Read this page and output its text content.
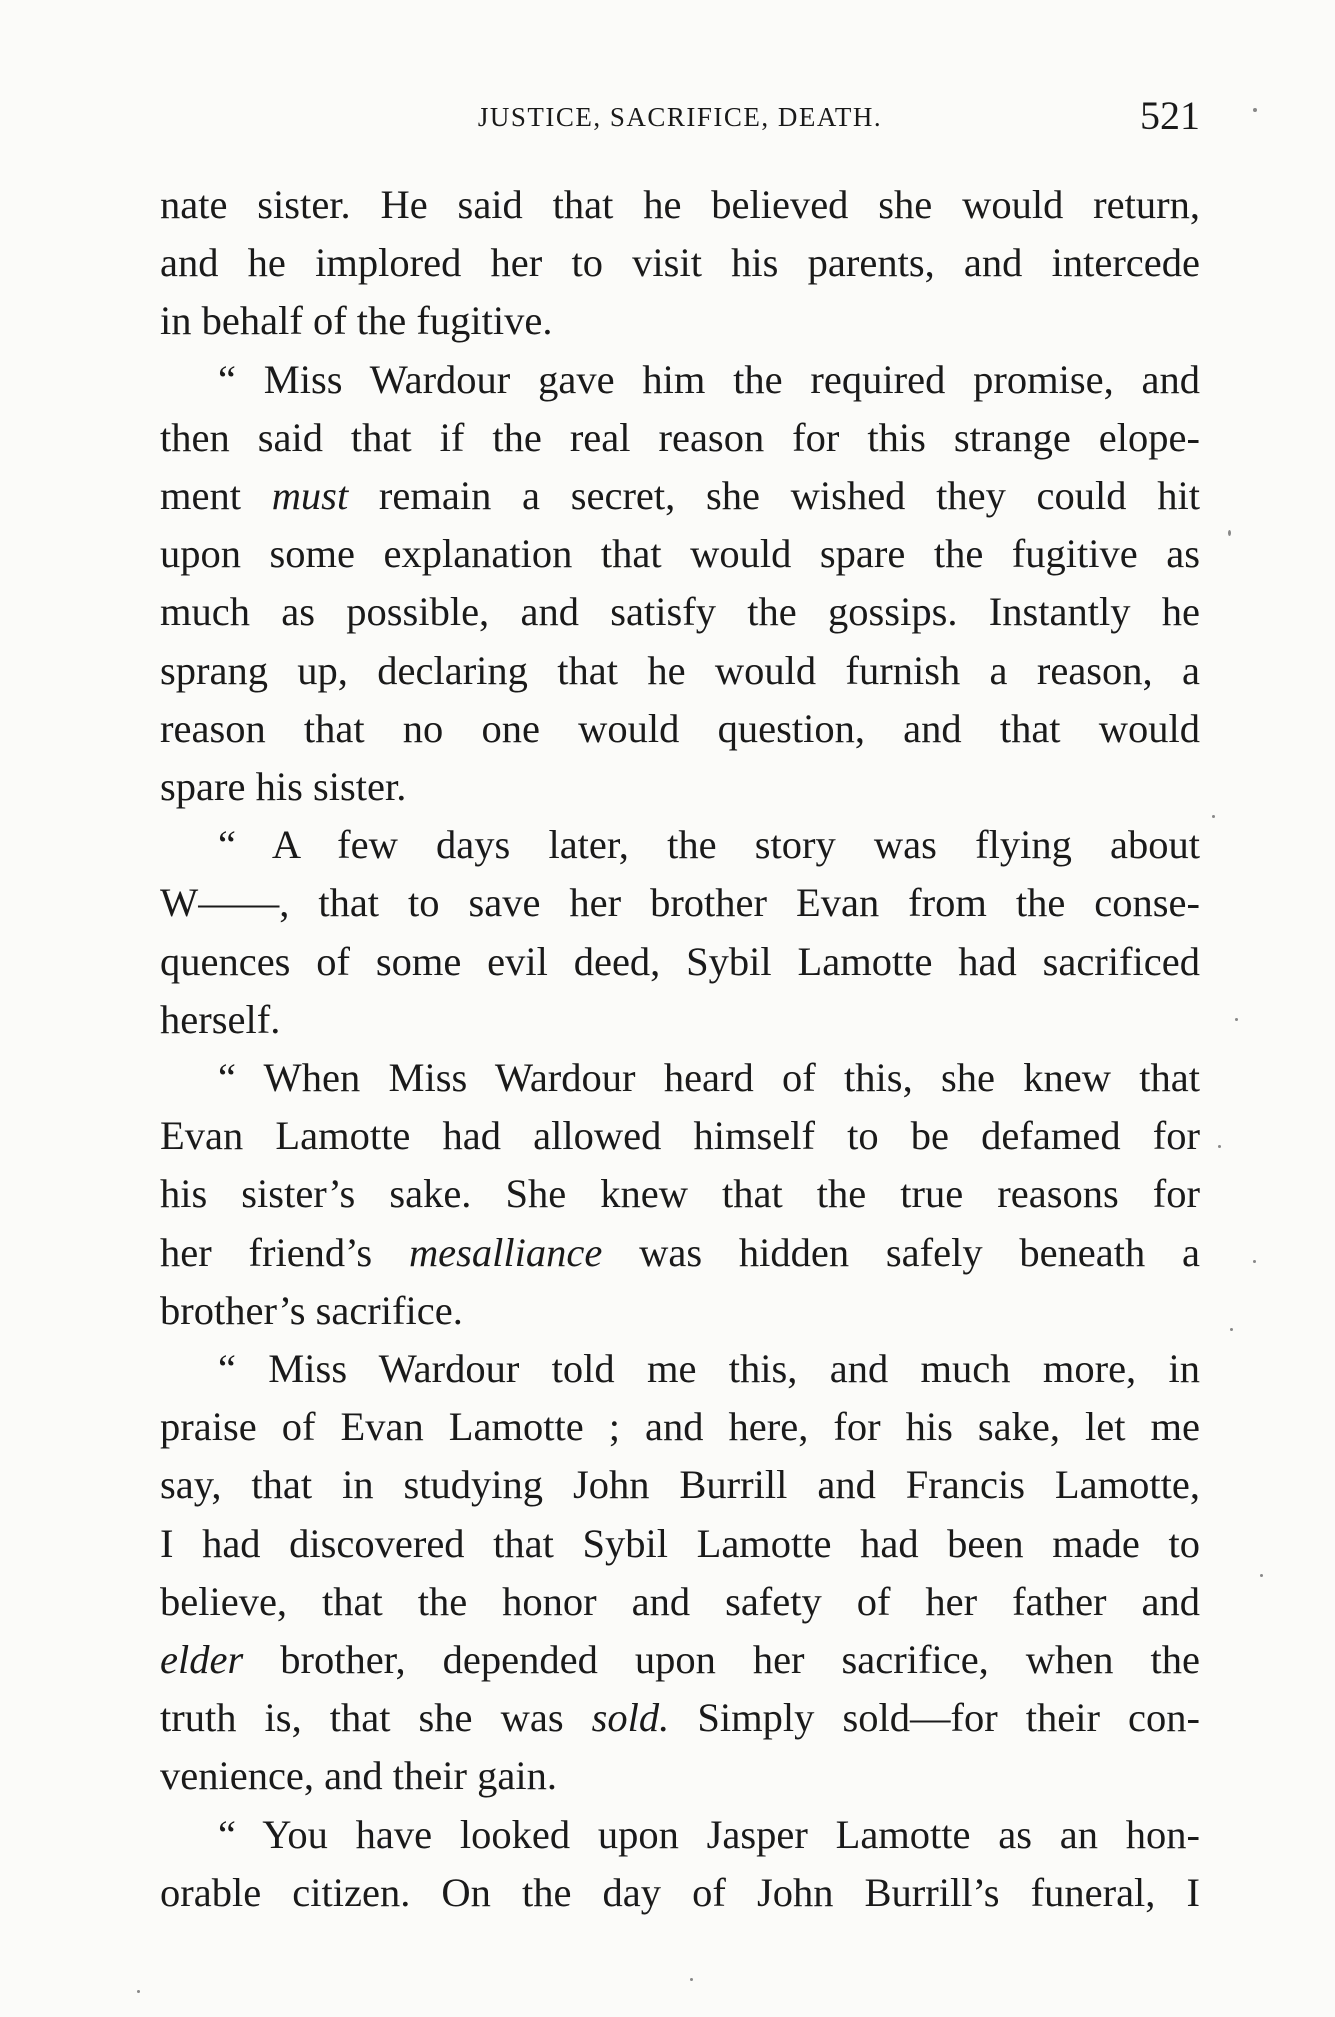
JUSTICE, SACRIFICE, DEATH.	521
nate sister. He said that he believed she would return,
and he implored her to visit his parents, and intercede
in behalf of the fugitive.
“ Miss Wardour gave him the required promise, and
then said that if the real reason for this strange elope-
ment must remain a secret, she wished they could hit
upon some explanation that would spare the fugitive as
much as possible, and satisfy the gossips. Instantly he
sprang up, declaring that he would furnish a reason, a
reason that no one would question, and that would
spare his sister.
“ A few days later, the story was flying about
W——, that to save her brother Evan from the conse-
quences of some evil deed, Sybil Lamotte had sacrificed
herself.
“ When Miss Wardour heard of this, she knew that
Evan Lamotte had allowed himself to be defamed for
his sister’s sake. She knew that the true reasons for
her friend’s mesalliance was hidden safely beneath a
brother’s sacrifice.
“ Miss Wardour told me this, and much more, in
praise of Evan Lamotte ; and here, for his sake, let me
say, that in studying John Burrill and Francis Lamotte,
I had discovered that Sybil Lamotte had been made to
believe, that the honor and safety of her father and
elder brother, depended upon her sacrifice, when the
truth is, that she was sold. Simply sold—for their con-
venience, and their gain.
“ You have looked upon Jasper Lamotte as an hon-
orable citizen. On the day of John Burrill’s funeral, I
